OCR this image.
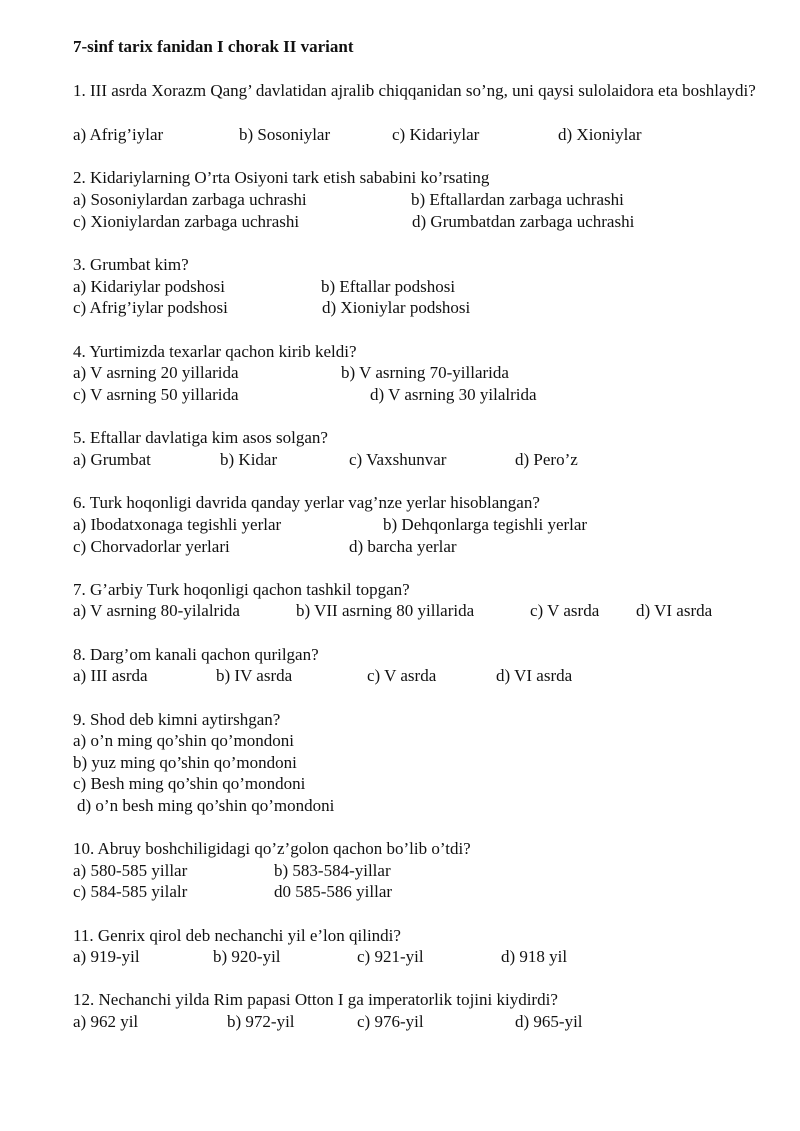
7-sinf tarix fanidan I chorak II variant
1. III asrda Xorazm Qang’ davlatidan ajralib chiqqanidan so’ng, uni qaysi sulolaidora eta boshlaydi?
a) Afrig’iylar	b) Sosoniylar	c) Kidariylar	d) Xioniylar
2. Kidariylarning O’rta Osiyoni tark etish sababini ko’rsating
a) Sosoniylardan zarbaga uchrashi	b) Eftallardan zarbaga uchrashi
c) Xioniylardan zarbaga uchrashi	d) Grumbatdan zarbaga uchrashi
3. Grumbat kim?
a) Kidariylar podshosi	b) Eftallar podshosi
c) Afrig’iylar podshosi	d) Xioniylar podshosi
4. Yurtimizda texarlar qachon kirib keldi?
a) V asrning 20 yillarida	b) V asrning 70-yillarida
c) V asrning 50 yillarida	d) V asrning 30 yilalrida
5. Eftallar davlatiga kim asos solgan?
a) Grumbat	b) Kidar	c) Vaxshunvar	d) Pero’z
6. Turk hoqonligi davrida qanday yerlar vag’nze yerlar hisoblangan?
a) Ibodatxonaga tegishli yerlar	b) Dehqonlarga tegishli yerlar
c) Chorvadorlar yerlari	d) barcha yerlar
7. G’arbiy Turk hoqonligi qachon tashkil topgan?
a) V asrning 80-yilalrida	b) VII asrning 80 yillarida	c) V asrda d) VI asrda
8. Darg’om kanali qachon qurilgan?
a) III asrda	b) IV asrda	c) V asrda	d) VI asrda
9. Shod deb kimni aytirshgan?
a) o’n ming qo’shin qo’mondoni
b) yuz ming qo’shin qo’mondoni
c) Besh ming qo’shin qo’mondoni
d) o’n besh ming qo’shin qo’mondoni
10. Abruy boshchiligidagi qo’z’golon qachon bo’lib o’tdi?
a) 580-585 yillar	b) 583-584-yillar
c) 584-585 yilalr	d0 585-586 yillar
11. Genrix qirol deb nechanchi yil e’lon qilindi?
a) 919-yil	b) 920-yil	c) 921-yil	d) 918 yil
12. Nechanchi yilda Rim papasi Otton I ga imperatorlik tojini kiydirdi?
a) 962 yil	b) 972-yil	c) 976-yil	d) 965-yil
